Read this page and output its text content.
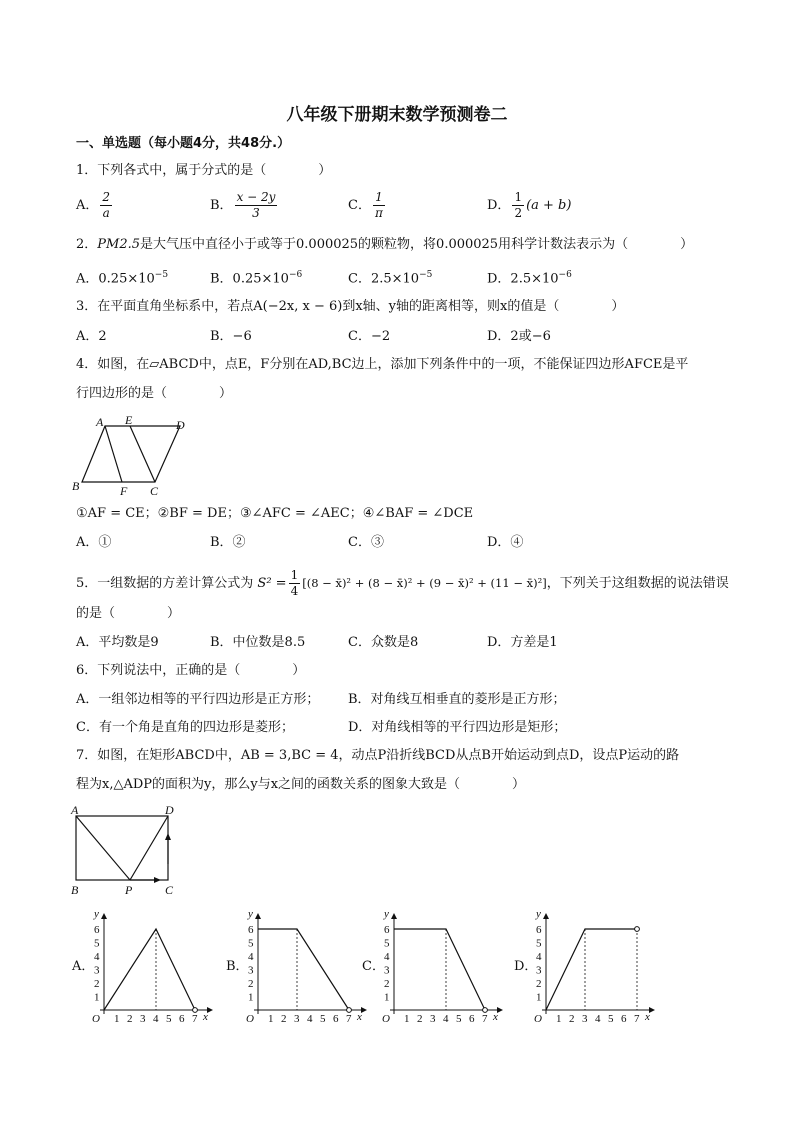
八年级下册期末数学预测卷二
一、单选题（每小题4分，共48分.）
1．下列各式中，属于分式的是（　　　　）
A． $\frac{2}{a}$	B． $\frac{x - 2y}{3}$	C． $\frac{1}{\pi}$	D． $\frac{1}{2} (a + b)$
2．PM2.5是大气压中直径小于或等于0.000025的颗粒物，将0.000025用科学计数法表示为（　　　　）
A．$0.25\times 10^{-5}$	B．$0.25\times 10^{-6}$	C．$2.5\times 10^{-5}$	D．$2.5\times 10^{-6}$
3．在平面直角坐标系中，若点A(−2x, x − 6)到x轴、y轴的距离相等，则x的值是（　　　　）
A．2	B．−6	C．−2	D．2或−6
4．如图，在▱ABCD中，点E，F分别在AD,BC边上，添加下列条件中的一项，不能保证四边形AFCE是平
行四边形的是（　　　　）
A E	D
B	F C
①AF = CE；②BF = DE；③∠AFC = ∠AEC；④∠BAF = ∠DCE
A．①	B．②	C．③	D．④
5．一组数据的方差计算公式为 $S^2 = \frac{1}{4} [(8$ − x̄)² + (8 − x̄)² + (9 − x̄)² + (11 − x̄)²]，下列关于这组数据的说法错误
的是（　　　　）
A．平均数是9	B．中位数是8.5	C．众数是8	D．方差是1
6．下列说法中，正确的是（　　　　）
A．一组邻边相等的平行四边形是正方形； B．对角线互相垂直的菱形是正方形；
C．有一个角是直角的四边形是菱形；	D．对角线相等的平行四边形是矩形；
7．如图，在矩形ABCD中，AB = 3,BC = 4，动点P沿折线BCD从点B开始运动到点D，设点P运动的路
程为x,△ADP的面积为y，那么y与x之间的函数关系的图象大致是（　　　　）
A	D
B	P	C
A．	B．	C．	D．
1 2 3 4 5 6 7
1
2
3
4
5
6
O	x
y
1 2 3 4 5 6 7
1
2
3
4
5
6
O	x
y
1 2 3 4 5 6 7
1
2
3
4
5
6
O	x
y
1 2 3 4 5 6 7
1
2
3
4
5
6
O	x
y
